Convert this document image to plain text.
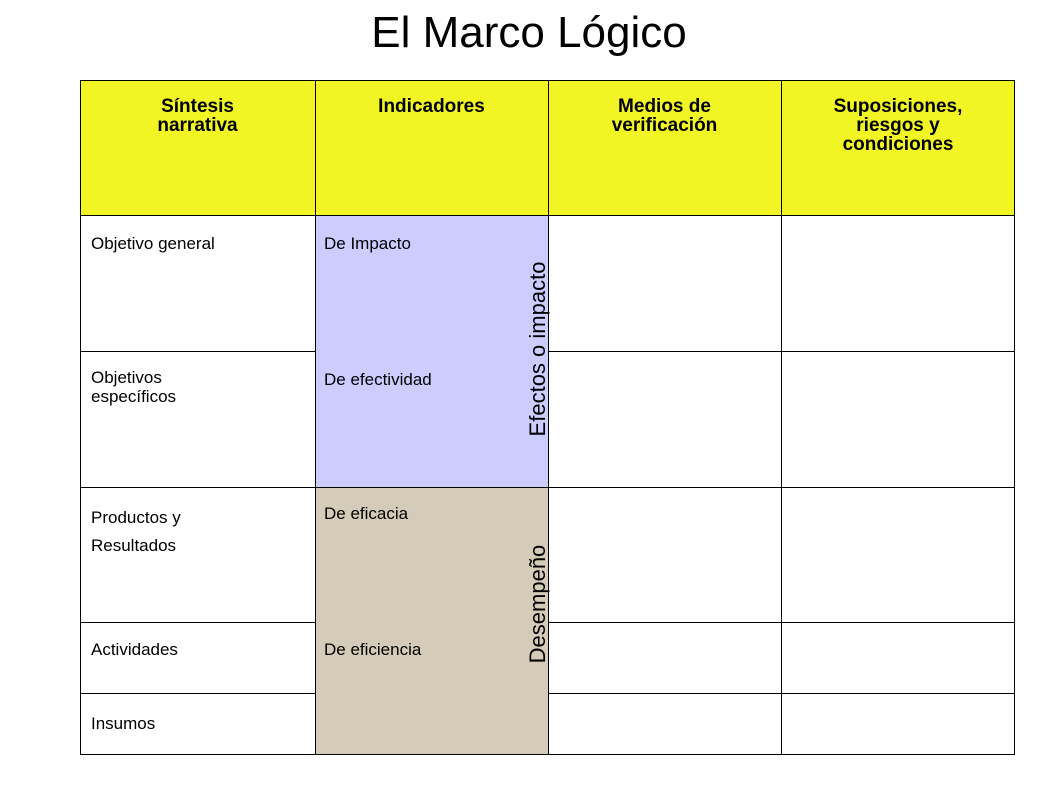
El Marco Lógico
Síntesis narrativa
Indicadores	Medios de verificación
Suposiciones, riesgos y condiciones
Objetivo general
Objetivos específicos
Productos y Resultados
Actividades
Insumos
De Impacto
De efectividad
De eficacia
De eficiencia
Efectos o impacto
Desempeño
